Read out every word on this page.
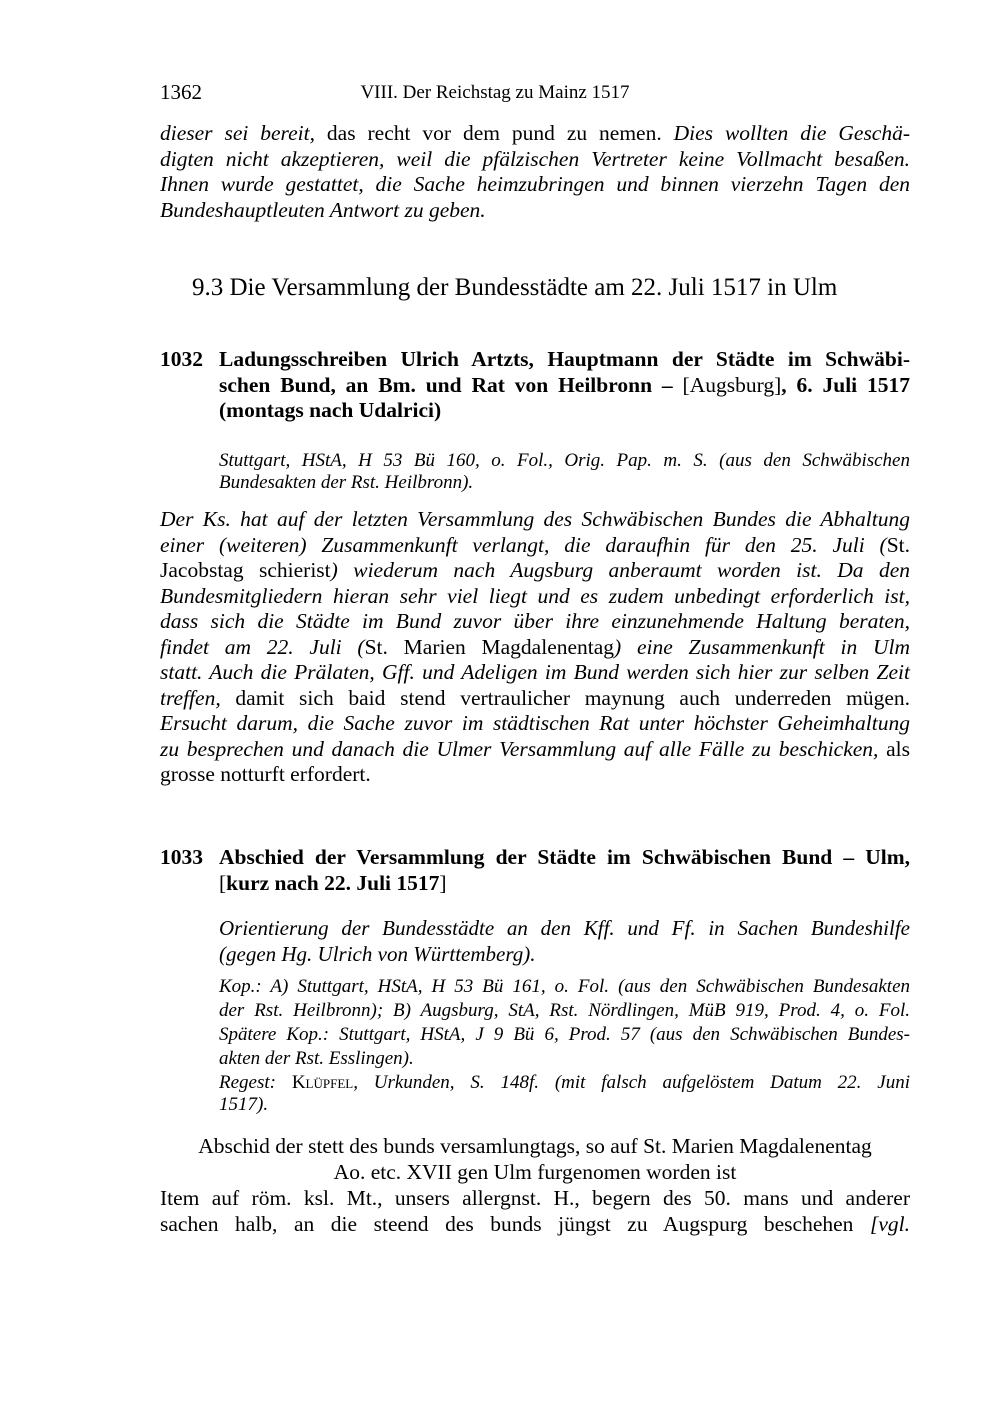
1362	VIII. Der Reichstag zu Mainz 1517
dieser sei bereit, das recht vor dem pund zu nemen. Dies wollten die Geschä-
digten nicht akzeptieren, weil die pfälzischen Vertreter keine Vollmacht besaßen.
Ihnen wurde gestattet, die Sache heimzubringen und binnen vierzehn Tagen den
Bundeshauptleuten Antwort zu geben.
9.3 Die Versammlung der Bundesstädte am 22. Juli 1517 in Ulm
1032 Ladungsschreiben Ulrich Artzts, Hauptmann der Städte im Schwäbi-
schen Bund, an Bm. und Rat von Heilbronn – [Augsburg], 6. Juli 1517
(montags nach Udalrici)
Stuttgart, HStA, H 53 Bü 160, o. Fol., Orig. Pap. m. S. (aus den Schwäbischen
Bundesakten der Rst. Heilbronn).
Der Ks. hat auf der letzten Versammlung des Schwäbischen Bundes die Abhaltung
einer (weiteren) Zusammenkunft verlangt, die daraufhin für den 25. Juli (St.
Jacobstag schierist) wiederum nach Augsburg anberaumt worden ist. Da den
Bundesmitgliedern hieran sehr viel liegt und es zudem unbedingt erforderlich ist,
dass sich die Städte im Bund zuvor über ihre einzunehmende Haltung beraten,
findet am 22. Juli (St. Marien Magdalenentag) eine Zusammenkunft in Ulm
statt. Auch die Prälaten, Gff. und Adeligen im Bund werden sich hier zur selben Zeit
treffen, damit sich baid stend vertraulicher maynung auch underreden mügen.
Ersucht darum, die Sache zuvor im städtischen Rat unter höchster Geheimhaltung
zu besprechen und danach die Ulmer Versammlung auf alle Fälle zu beschicken, als
grosse notturft erfordert.
1033 Abschied der Versammlung der Städte im Schwäbischen Bund – Ulm,
[kurz nach 22. Juli 1517]
Orientierung der Bundesstädte an den Kff. und Ff. in Sachen Bundeshilfe
(gegen Hg. Ulrich von Württemberg).
Kop.: A) Stuttgart, HStA, H 53 Bü 161, o. Fol. (aus den Schwäbischen Bundesakten
der Rst. Heilbronn); B) Augsburg, StA, Rst. Nördlingen, MüB 919, Prod. 4, o. Fol.
Spätere Kop.: Stuttgart, HStA, J 9 Bü 6, Prod. 57 (aus den Schwäbischen Bundes-
akten der Rst. Esslingen).
Regest: Klüpfel, Urkunden, S. 148f. (mit falsch aufgelöstem Datum 22. Juni
1517).
Abschid der stett des bunds versamlungtags, so auf St. Marien Magdalenentag
Ao. etc. XVII gen Ulm furgenomen worden ist
Item auf röm. ksl. Mt., unsers allergnst. H., begern des 50. mans und anderer
sachen halb, an die steend des bunds jüngst zu Augspurg beschehen [vgl.
